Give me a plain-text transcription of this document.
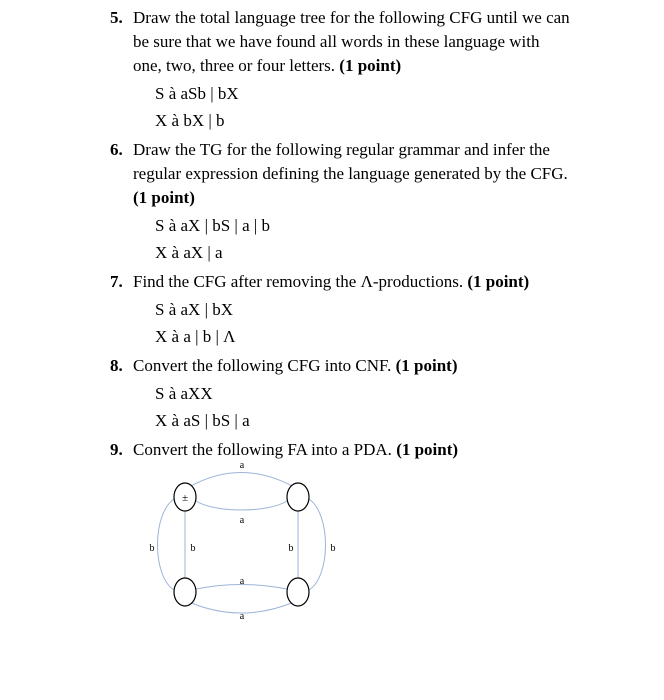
5. Draw the total language tree for the following CFG until we can be sure that we have found all words in these language with one, two, three or four letters. (1 point)
S à aSb | bX
X à bX | b
6. Draw the TG for the following regular grammar and infer the regular expression defining the language generated by the CFG. (1 point)
S à aX | bS | a | b
X à aX | a
7. Find the CFG after removing the Λ-productions. (1 point)
S à aX | bX
X à a | b | Λ
8. Convert the following CFG into CNF. (1 point)
S à aXX
X à aS | bS | a
9. Convert the following FA into a PDA. (1 point)
±
a
a
b	b	b	b
a
a
